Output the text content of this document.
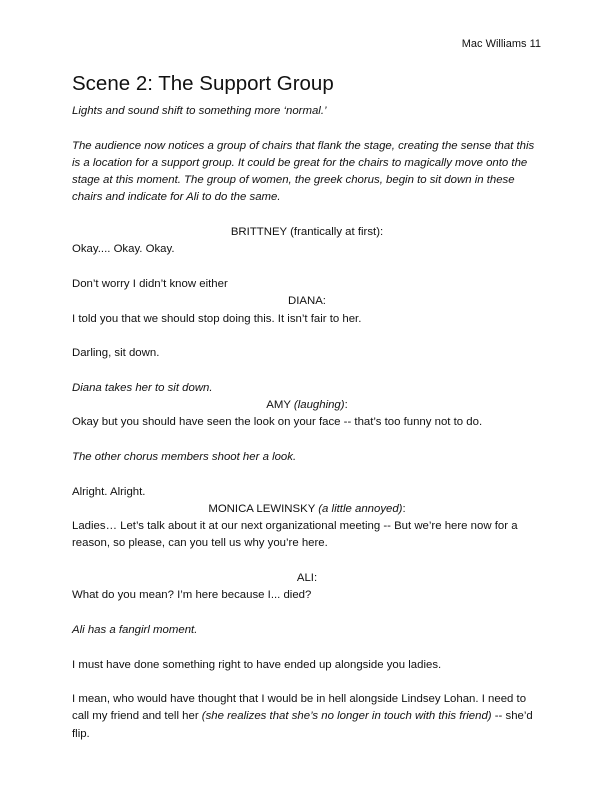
Mac Williams 11
Scene 2: The Support Group

Lights and sound shift to something more ‘normal.’

The audience now notices a group of chairs that flank the stage, creating the sense that this is a location for a support group. It could be great for the chairs to magically move onto the stage at this moment. The group of women, the greek chorus, begin to sit down in these chairs and indicate for Ali to do the same.

BRITTNEY (frantically at first):

Okay.... Okay. Okay.

Don’t worry I didn’t know either

DIANA:

I told you that we should stop doing this. It isn’t fair to her.

Darling, sit down.

Diana takes her to sit down.

AMY (laughing):

Okay but you should have seen the look on your face -- that’s too funny not to do.

The other chorus members shoot her a look.

Alright. Alright.

MONICA LEWINSKY (a little annoyed):

Ladies… Let’s talk about it at our next organizational meeting -- But we’re here now for a reason, so please, can you tell us why you’re here.

ALI:

What do you mean? I’m here because I... died?

Ali has a fangirl moment.

I must have done something right to have ended up alongside you ladies.

I mean, who would have thought that I would be in hell alongside Lindsey Lohan. I need to call my friend and tell her (she realizes that she’s no longer in touch with this friend) -- she’d flip.
